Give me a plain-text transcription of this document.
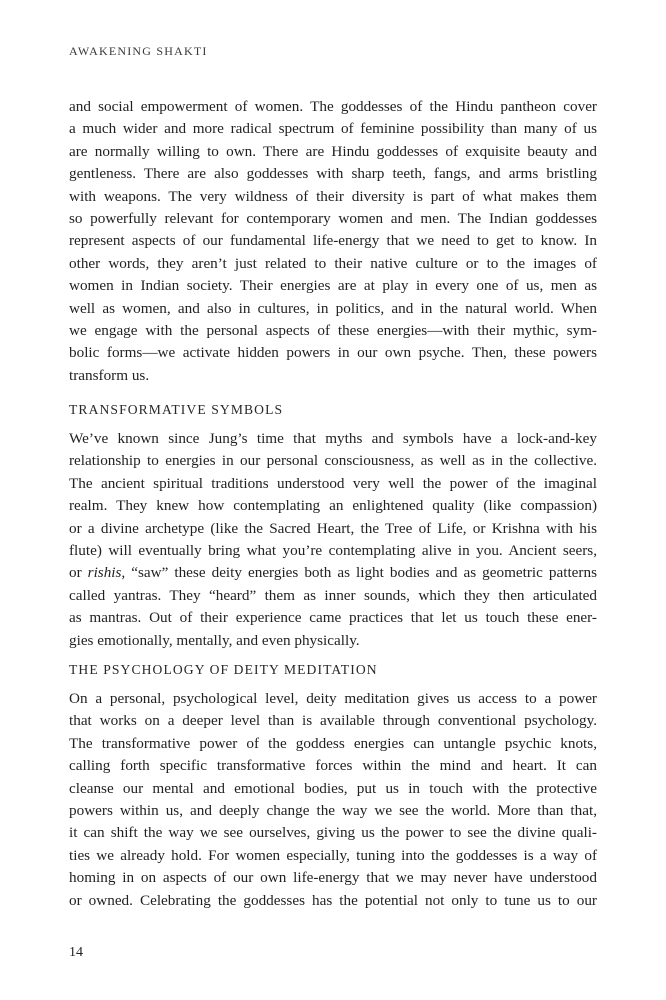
AWAKENING SHAKTI
and social empowerment of women. The goddesses of the Hindu pantheon cover
a much wider and more radical spectrum of feminine possibility than many of us
are normally willing to own. There are Hindu goddesses of exquisite beauty and
gentleness. There are also goddesses with sharp teeth, fangs, and arms bristling
with weapons. The very wildness of their diversity is part of what makes them
so powerfully relevant for contemporary women and men. The Indian goddesses
represent aspects of our fundamental life-energy that we need to get to know. In
other words, they aren’t just related to their native culture or to the images of
women in Indian society. Their energies are at play in every one of us, men as
well as women, and also in cultures, in politics, and in the natural world. When
we engage with the personal aspects of these energies—with their mythic, sym-
bolic forms—we activate hidden powers in our own psyche. Then, these powers
transform us.
TRANSFORMATIVE SYMBOLS
We’ve known since Jung’s time that myths and symbols have a lock-and-key
relationship to energies in our personal consciousness, as well as in the collective.
The ancient spiritual traditions understood very well the power of the imaginal
realm. They knew how contemplating an enlightened quality (like compassion)
or a divine archetype (like the Sacred Heart, the Tree of Life, or Krishna with his
flute) will eventually bring what you’re contemplating alive in you. Ancient seers,
or rishis, “saw” these deity energies both as light bodies and as geometric patterns
called yantras. They “heard” them as inner sounds, which they then articulated
as mantras. Out of their experience came practices that let us touch these ener-
gies emotionally, mentally, and even physically.
THE PSYCHOLOGY OF DEITY MEDITATION
On a personal, psychological level, deity meditation gives us access to a power
that works on a deeper level than is available through conventional psychology.
The transformative power of the goddess energies can untangle psychic knots,
calling forth specific transformative forces within the mind and heart. It can
cleanse our mental and emotional bodies, put us in touch with the protective
powers within us, and deeply change the way we see the world. More than that,
it can shift the way we see ourselves, giving us the power to see the divine quali-
ties we already hold. For women especially, tuning into the goddesses is a way of
homing in on aspects of our own life-energy that we may never have understood
or owned. Celebrating the goddesses has the potential not only to tune us to our
14
